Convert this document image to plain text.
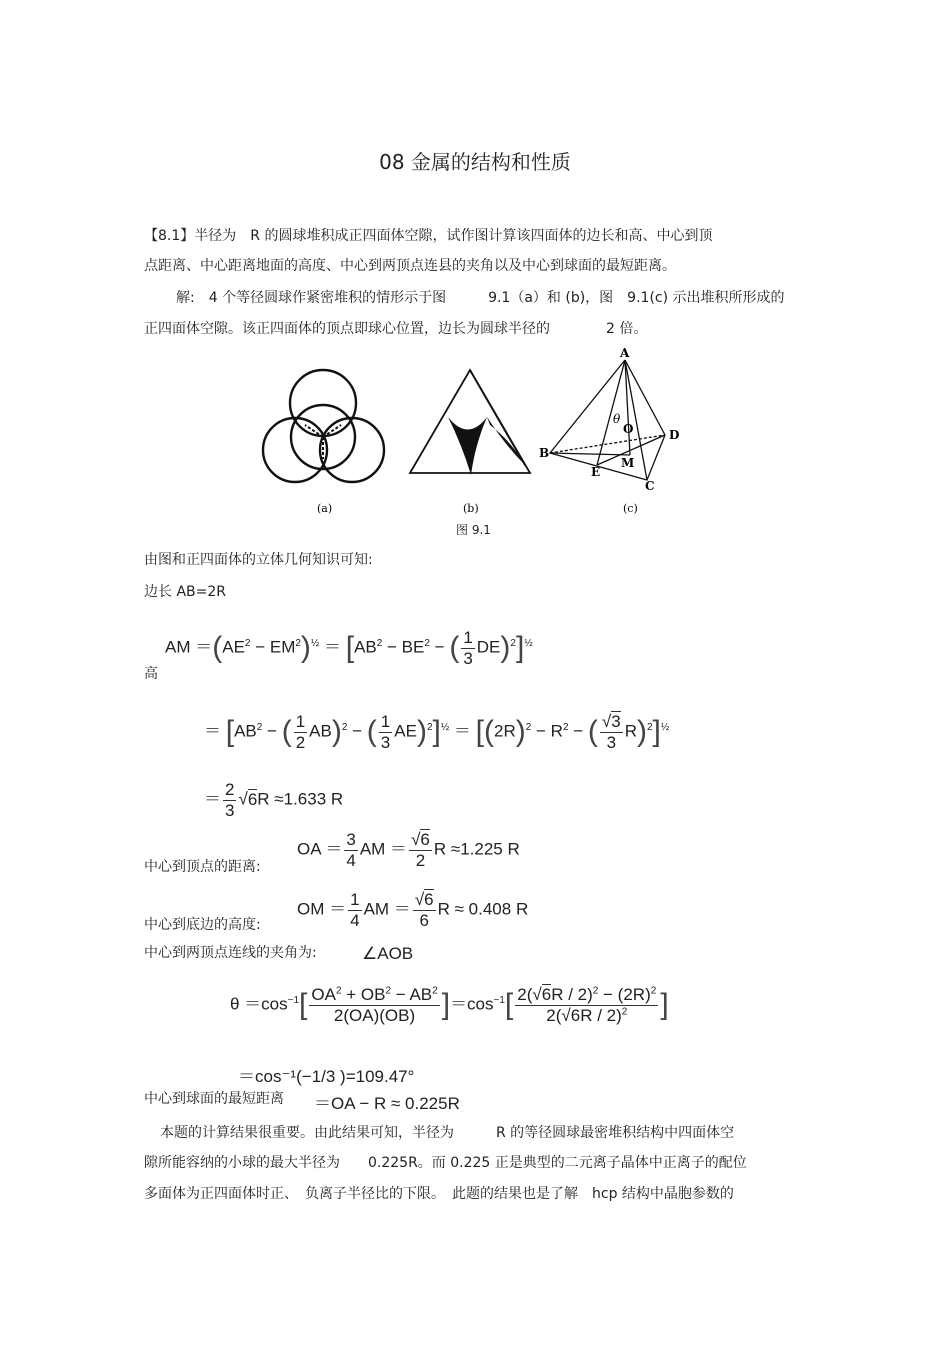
08 金属的结构和性质
【8.1】半径为　R 的圆球堆积成正四面体空隙，试作图计算该四面体的边长和高、中心到顶
点距离、中心距离地面的高度、中心到两顶点连县的夹角以及中心到球面的最短距离。
解:　4 个等径圆球作紧密堆积的情形示于图　　　9.1（a）和 (b)，图　9.1(c) 示出堆积所形成的
正四面体空隙。该正四面体的顶点即球心位置，边长为圆球半径的　　　　2 倍。
A
B
C
D
E
M
O
θ
(a)	(b)	(c)
图 9.1
由图和正四面体的立体几何知识可知:
边长 AB=2R
AM $=(AE^2 - EM^2)^{\frac{1}{2}} = [AB^2 - BE^2$ − ( $\frac{1}{3} DE)^2]^{\frac{1}{2}}$
高
＝ [$AB^2$ − ( $\frac{1}{2} AB)^2$ − ( $\frac{1}{3} AE)^2]^{\frac{1}{2}} = [(2R)^2 - R^2$ − ( $\frac{√3}{3} R)^2]^{\frac{1}{2}}$
＝ $\frac{2}{3} √6R \approx 1.633$ R
中心到顶点的距离:
OA ＝ $\frac{3}{4}$ AM ＝ $\frac{√6}{2}$ R ≈1.225 R
中心到底边的高度:
OM ＝ $\frac{1}{4}$ AM ＝ $\frac{√6}{6}$ R ≈ 0.408 R
中心到两顶点连线的夹角为:	∠AOB
$\theta =\cos^{-1}[ \frac{OA^2 + OB^2 - AB^2}{2(OA)(OB)} ]=\cos^{-1}[ \frac{2(√6R / 2)^2 - (2R)^2}{2(√6R / 2)^2}$ ]
＝cos⁻¹(−1/3 )=109.47°
中心到球面的最短距离 ＝OA − R ≈ 0.225R
本题的计算结果很重要。由此结果可知，半径为　　　R 的等径圆球最密堆积结构中四面体空
隙所能容纳的小球的最大半径为　　0.225R。而 0.225 正是典型的二元离子晶体中正离子的配位
多面体为正四面体时正、　负离子半径比的下限。　此题的结果也是了解　hcp 结构中晶胞参数的
